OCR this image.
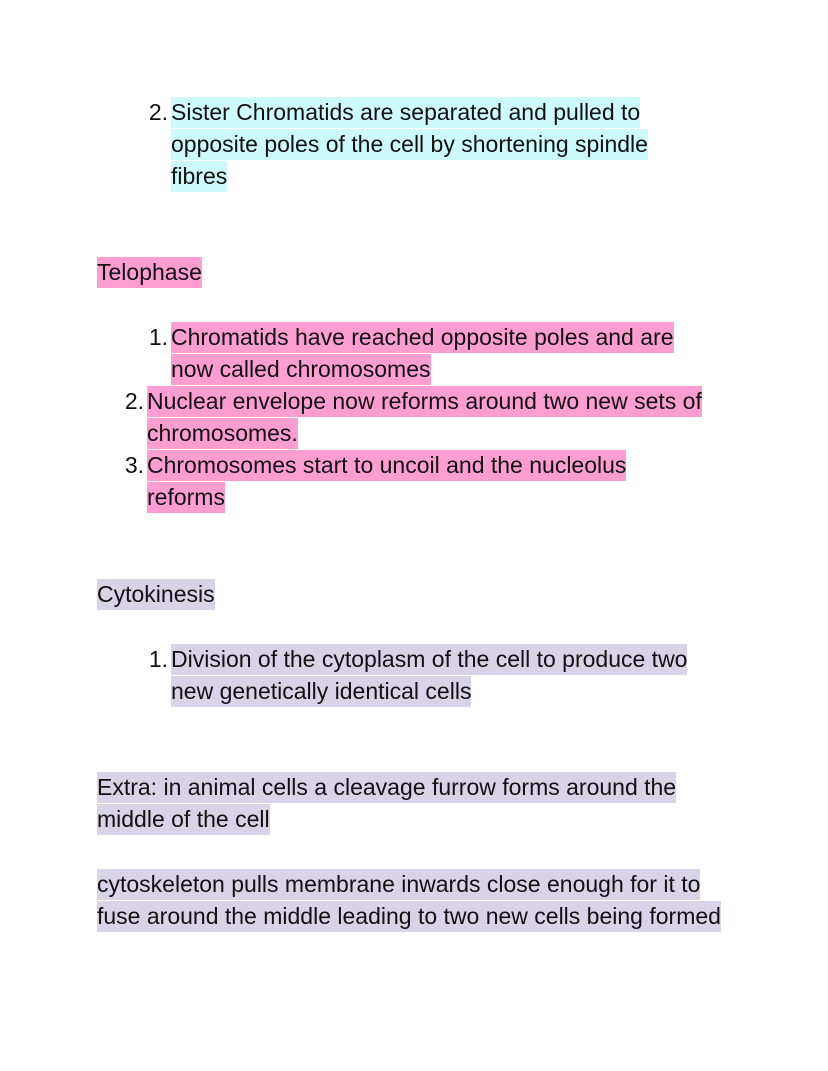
2. Sister Chromatids are separated and pulled to opposite poles of the cell by shortening spindle fibres
Telophase
1. Chromatids have reached opposite poles and are now called chromosomes
2. Nuclear envelope now reforms around two new sets of chromosomes.
3. Chromosomes start to uncoil and the nucleolus reforms
Cytokinesis
1. Division of the cytoplasm of the cell to produce two new genetically identical cells

Extra: in animal cells a cleavage furrow forms around the middle of the cell

cytoskeleton pulls membrane inwards close enough for it to fuse around the middle leading to two new cells being formed
